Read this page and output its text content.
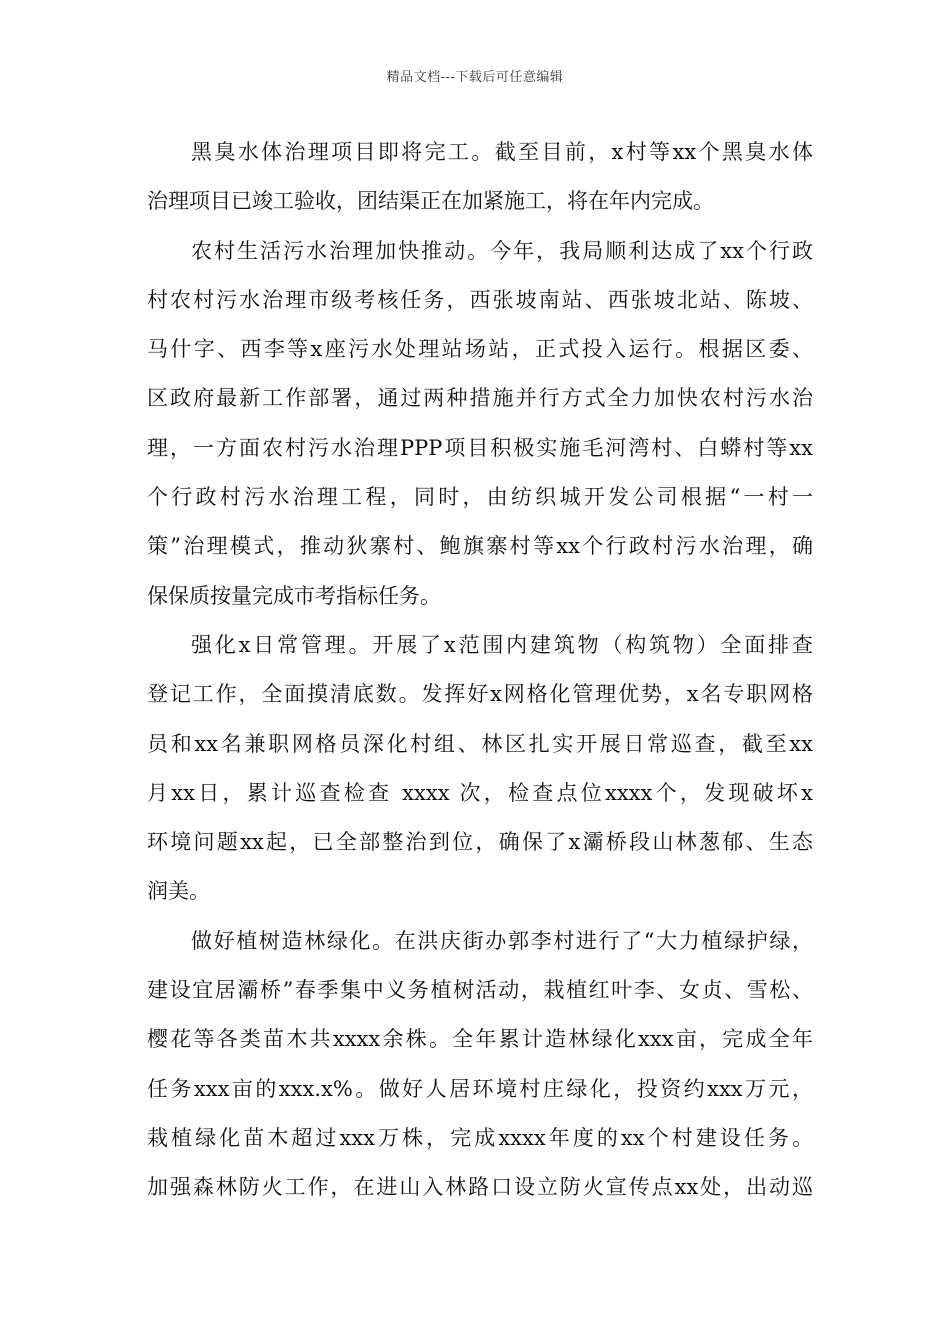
精品文档---下载后可任意编辑
黑臭水体治理项目即将完工。截至目前，x村等xx个黑臭水体
治理项目已竣工验收，团结渠正在加紧施工，将在年内完成。
农村生活污水治理加快推动。今年，我局顺利达成了xx个行政
村农村污水治理市级考核任务，西张坡南站、西张坡北站、陈坡、
马什字、西李等x座污水处理站场站，正式投入运行。根据区委、
区政府最新工作部署，通过两种措施并行方式全力加快农村污水治
理，一方面农村污水治理PPP项目积极实施毛河湾村、白蟒村等xx
个行政村污水治理工程，同时，由纺织城开发公司根据“一村一
策”治理模式，推动狄寨村、鲍旗寨村等xx个行政村污水治理，确
保保质按量完成市考指标任务。
强化x日常管理。开展了x范围内建筑物（构筑物）全面排查
登记工作，全面摸清底数。发挥好x网格化管理优势，x名专职网格
员和xx名兼职网格员深化村组、林区扎实开展日常巡查，截至xx
月xx日，累计巡查检查 xxxx 次，检查点位xxxx个，发现破坏x
环境问题xx起，已全部整治到位，确保了x灞桥段山林葱郁、生态
润美。
做好植树造林绿化。在洪庆街办郭李村进行了“大力植绿护绿，
建设宜居灞桥”春季集中义务植树活动，栽植红叶李、女贞、雪松、
樱花等各类苗木共xxxx余株。全年累计造林绿化xxx亩，完成全年
任务xxx亩的xxx.x%。做好人居环境村庄绿化，投资约xxx万元，
栽植绿化苗木超过xxx万株，完成xxxx年度的xx个村建设任务。
加强森林防火工作，在进山入林路口设立防火宣传点xx处，出动巡
